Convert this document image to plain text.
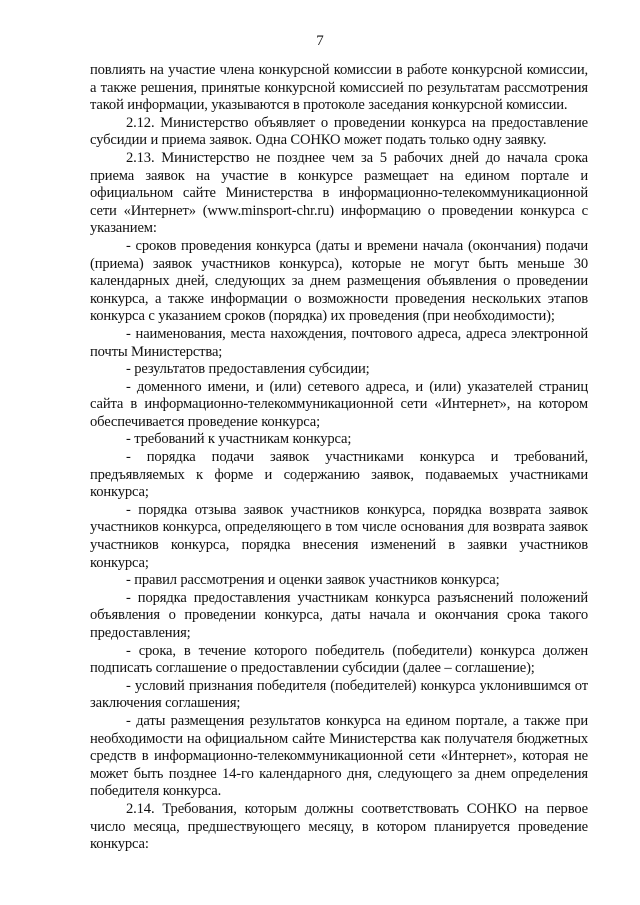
7

повлиять на участие члена конкурсной комиссии в работе конкурсной комиссии, а также решения, принятые конкурсной комиссией по результатам рассмотрения такой информации, указываются в протоколе заседания конкурсной комиссии.

2.12. Министерство объявляет о проведении конкурса на предоставление субсидии и приема заявок. Одна СОНКО может подать только одну заявку.

2.13. Министерство не позднее чем за 5 рабочих дней до начала срока приема заявок на участие в конкурсе размещает на едином портале и официальном сайте Министерства в информационно-телекоммуникационной сети «Интернет» (www.minsport-chr.ru) информацию о проведении конкурса с указанием:

- сроков проведения конкурса (даты и времени начала (окончания) подачи (приема) заявок участников конкурса), которые не могут быть меньше 30 календарных дней, следующих за днем размещения объявления о проведении конкурса, а также информации о возможности проведения нескольких этапов конкурса с указанием сроков (порядка) их проведения (при необходимости);

- наименования, места нахождения, почтового адреса, адреса электронной почты Министерства;

- результатов предоставления субсидии;

- доменного имени, и (или) сетевого адреса, и (или) указателей страниц сайта в информационно-телекоммуникационной сети «Интернет», на котором обеспечивается проведение конкурса;

- требований к участникам конкурса;

- порядка подачи заявок участниками конкурса и требований, предъявляемых к форме и содержанию заявок, подаваемых участниками конкурса;

- порядка отзыва заявок участников конкурса, порядка возврата заявок участников конкурса, определяющего в том числе основания для возврата заявок участников конкурса, порядка внесения изменений в заявки участников конкурса;

- правил рассмотрения и оценки заявок участников конкурса;

- порядка предоставления участникам конкурса разъяснений положений объявления о проведении конкурса, даты начала и окончания срока такого предоставления;

- срока, в течение которого победитель (победители) конкурса должен подписать соглашение о предоставлении субсидии (далее – соглашение);

- условий признания победителя (победителей) конкурса уклонившимся от заключения соглашения;

- даты размещения результатов конкурса на едином портале, а также при необходимости на официальном сайте Министерства как получателя бюджетных средств в информационно-телекоммуникационной сети «Интернет», которая не может быть позднее 14-го календарного дня, следующего за днем определения победителя конкурса.

2.14. Требования, которым должны соответствовать СОНКО на первое число месяца, предшествующего месяцу, в котором планируется проведение конкурса:
